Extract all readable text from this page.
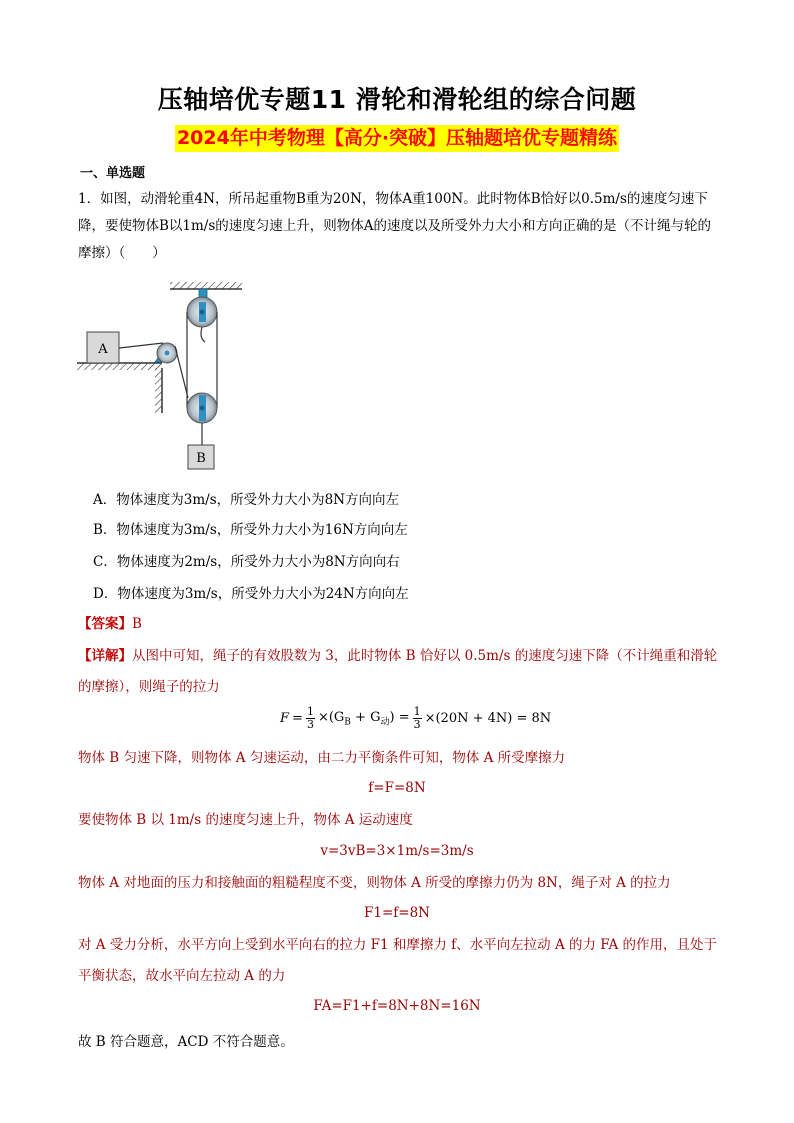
压轴培优专题11 滑轮和滑轮组的综合问题
2024年中考物理【高分·突破】压轴题培优专题精练
一、单选题
1．如图，动滑轮重4N，所吊起重物B重为20N，物体A重100N。此时物体B恰好以0.5m/s的速度匀速下降，要使物体B以1m/s的速度匀速上升，则物体A的速度以及所受外力大小和方向正确的是（不计绳与轮的摩擦）（　　）
A
B
A．物体速度为3m/s，所受外力大小为8N方向向左
B．物体速度为3m/s，所受外力大小为16N方向向左
C．物体速度为2m/s，所受外力大小为8N方向向右
D．物体速度为3m/s，所受外力大小为24N方向向左
【答案】B
【详解】从图中可知，绳子的有效股数为 3，此时物体 B 恰好以 0.5m/s 的速度匀速下降（不计绳重和滑轮的摩擦），则绳子的拉力
$F = \frac{1}{3} \times(G_B + G_动) = \frac{1}{3} \times(20N + 4N) = 8N$
物体 B 匀速下降，则物体 A 匀速运动，由二力平衡条件可知，物体 A 所受摩擦力
f=F=8N
要使物体 B 以 1m/s 的速度匀速上升，物体 A 运动速度
v=3vB=3×1m/s=3m/s
物体 A 对地面的压力和接触面的粗糙程度不变，则物体 A 所受的摩擦力仍为 8N，绳子对 A 的拉力
F1=f=8N
对 A 受力分析，水平方向上受到水平向右的拉力 F1 和摩擦力 f、水平向左拉动 A 的力 FA 的作用，且处于平衡状态，故水平向左拉动 A 的力
FA=F1+f=8N+8N=16N
故 B 符合题意，ACD 不符合题意。
